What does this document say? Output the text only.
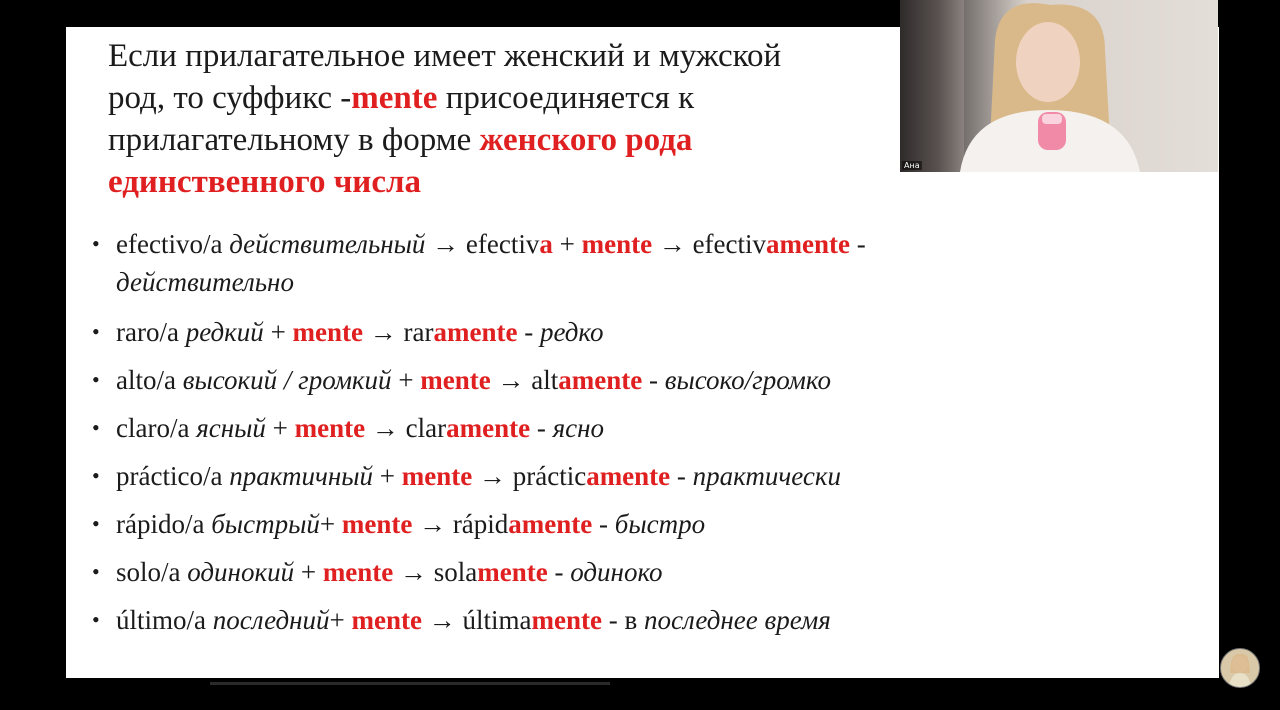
Если прилагательное имеет женский и мужской
род, то суффикс -mente присоединяется к
прилагательному в форме женского рода
единственного числа
• efectivo/a действительный → efectiva + mente → efectivamente -
действительно
• raro/a редкий + mente → raramente - редко
• alto/a высокий / громкий + mente → altamente - высоко/громко
• claro/a ясный + mente → claramente - ясно
• práctico/a практичный + mente → prácticamente - практически
• rápido/a быстрый+ mente → rápidamente - быстро
• solo/a одинокий + mente → solamente - одиноко
• último/a последний+ mente → últimamente - в последнее время
Ана
